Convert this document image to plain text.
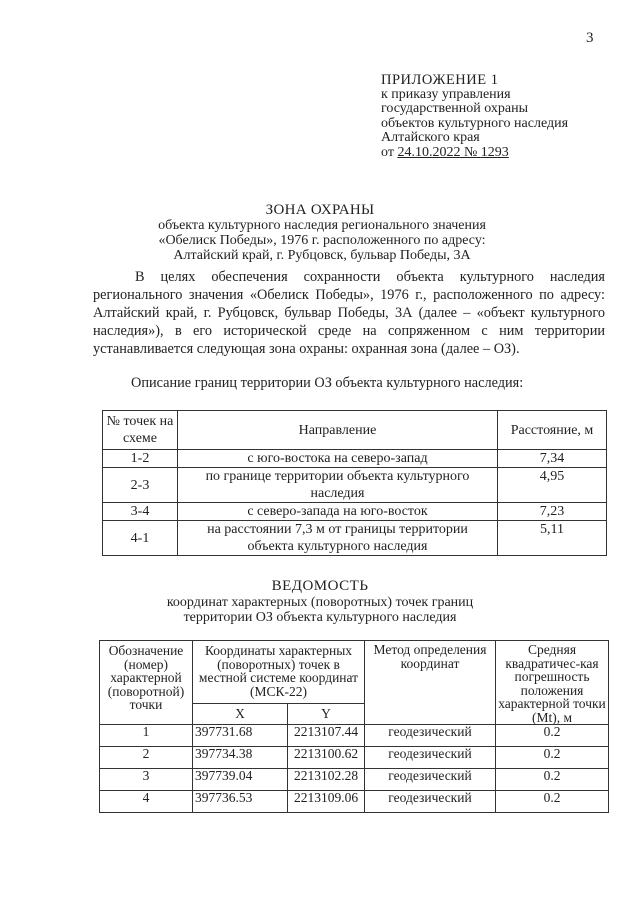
3
ПРИЛОЖЕНИЕ 1
к приказу управления
государственной охраны
объектов культурного наследия
Алтайского края
от 24.10.2022 № 1293
ЗОНА ОХРАНЫ
объекта культурного наследия регионального значения
«Обелиск Победы», 1976 г. расположенного по адресу:
Алтайский край, г. Рубцовск, бульвар Победы, 3А
В целях обеспечения сохранности объекта культурного наследия регионального значения «Обелиск Победы», 1976 г., расположенного по адресу: Алтайский край, г. Рубцовск, бульвар Победы, 3А (далее – «объект культурного наследия»), в его исторической среде на сопряженном с ним территории устанавливается следующая зона охраны: охранная зона (далее – ОЗ).
Описание границ территории ОЗ объекта культурного наследия:
№ точек на схеме	Направление	Расстояние, м
1-2	с юго-востока на северо-запад	7,34
2-3	по границе территории объекта культурного наследия	4,95
3-4	с северо-запада на юго-восток	7,23
4-1	на расстоянии 7,3 м от границы территории объекта культурного наследия	5,11
ВЕДОМОСТЬ
координат характерных (поворотных) точек границ
территории ОЗ объекта культурного наследия
Обозначение (номер) характерной (поворотной) точки	Координаты характерных (поворотных) точек в местной системе координат (МСК-22)		Метод определения координат	Средняя квадратичес-кая погрешность положения характерной точки (Mt), м
	X	Y		
1	397731.68	2213107.44	геодезический	0.2
2	397734.38	2213100.62	геодезический	0.2
3	397739.04	2213102.28	геодезический	0.2
4	397736.53	2213109.06	геодезический	0.2
